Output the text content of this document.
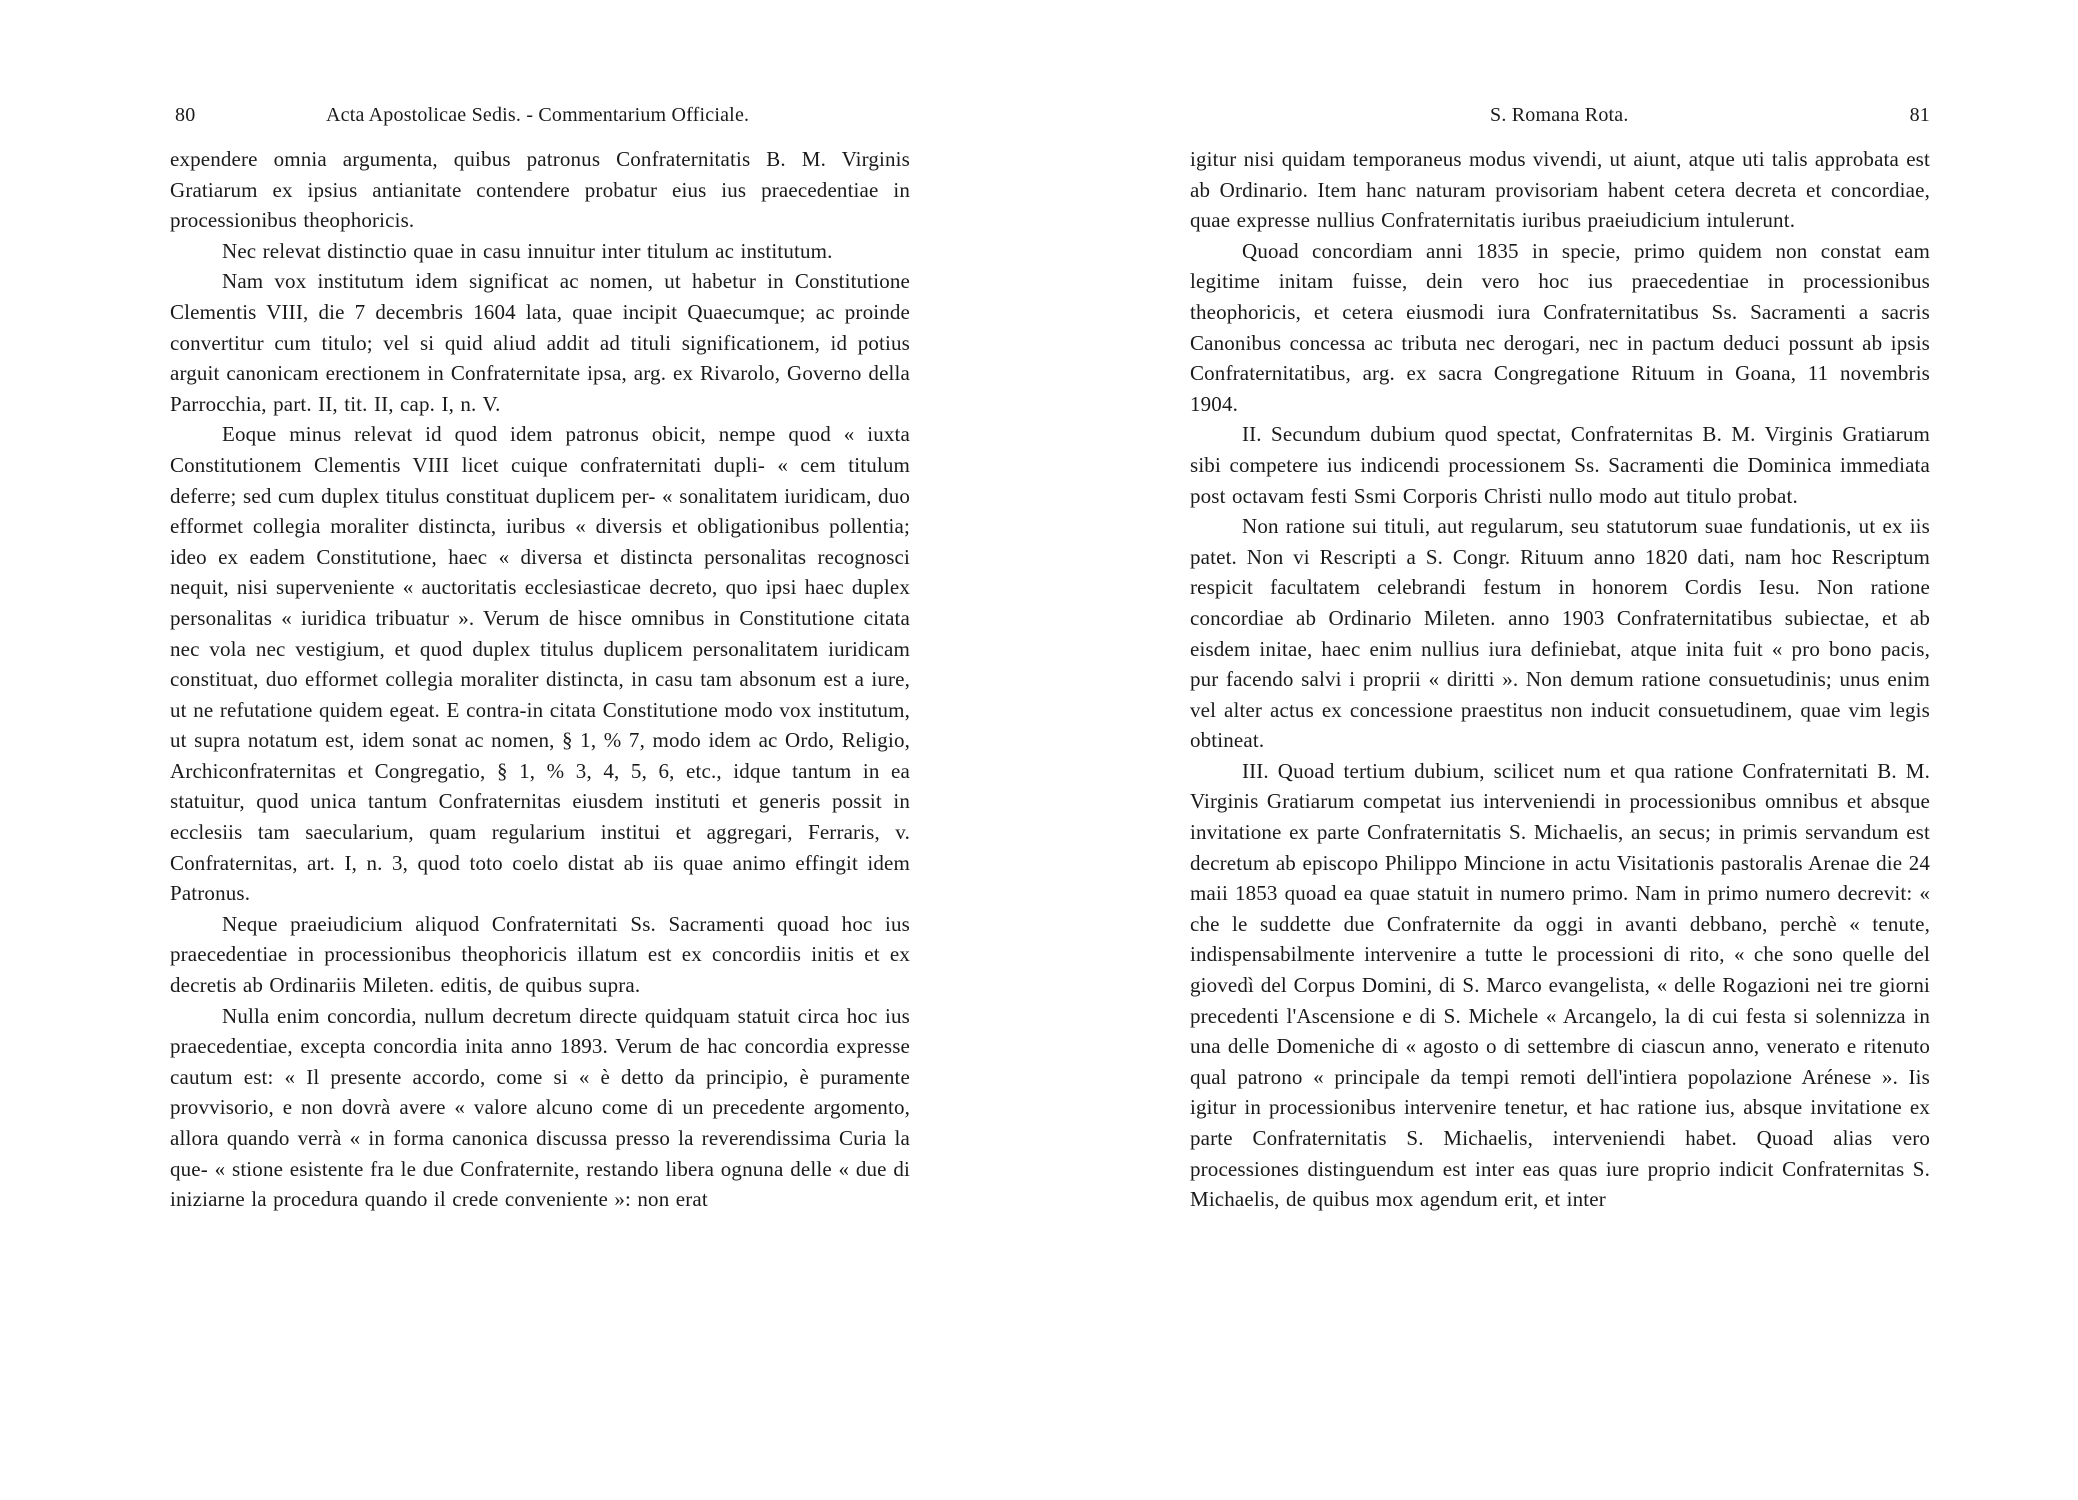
80	Acta Apostolicae Sedis. - Commentarium Officiale.

expendere omnia argumenta, quibus patronus Confraternitatis B. M. Virginis Gratiarum ex ipsius antianitate contendere probatur eius ius praecedentiae in processionibus theophoricis.

Nec relevat distinctio quae in casu innuitur inter titulum ac institutum.

Nam vox institutum idem significat ac nomen, ut habetur in Constitutione Clementis VIII, die 7 decembris 1604 lata, quae incipit Quaecumque; ac proinde convertitur cum titulo; vel si quid aliud addit ad tituli significationem, id potius arguit canonicam erectionem in Confraternitate ipsa, arg. ex Rivarolo, Governo della Parrocchia, part. II, tit. II, cap. I, n. V.

Eoque minus relevat id quod idem patronus obicit, nempe quod « iuxta Constitutionem Clementis VIII licet cuique confraternitati dupli- « cem titulum deferre; sed cum duplex titulus constituat duplicem per- « sonalitatem iuridicam, duo efformet collegia moraliter distincta, iuribus « diversis et obligationibus pollentia; ideo ex eadem Constitutione, haec « diversa et distincta personalitas recognosci nequit, nisi superveniente « auctoritatis ecclesiasticae decreto, quo ipsi haec duplex personalitas « iuridica tribuatur ». Verum de hisce omnibus in Constitutione citata nec vola nec vestigium, et quod duplex titulus duplicem personalitatem iuridicam constituat, duo efformet collegia moraliter distincta, in casu tam absonum est a iure, ut ne refutatione quidem egeat. E contra-in citata Constitutione modo vox institutum, ut supra notatum est, idem sonat ac nomen, § 1, % 7, modo idem ac Ordo, Religio, Archiconfraternitas et Congregatio, § 1, % 3, 4, 5, 6, etc., idque tantum in ea statuitur, quod unica tantum Confraternitas eiusdem instituti et generis possit in ecclesiis tam saecularium, quam regularium institui et aggregari, Ferraris, v. Confraternitas, art. I, n. 3, quod toto coelo distat ab iis quae animo effingit idem Patronus.

Neque praeiudicium aliquod Confraternitati Ss. Sacramenti quoad hoc ius praecedentiae in processionibus theophoricis illatum est ex concordiis initis et ex decretis ab Ordinariis Mileten. editis, de quibus supra.

Nulla enim concordia, nullum decretum directe quidquam statuit circa hoc ius praecedentiae, excepta concordia inita anno 1893. Verum de hac concordia expresse cautum est: « Il presente accordo, come si « è detto da principio, è puramente provvisorio, e non dovrà avere « valore alcuno come di un precedente argomento, allora quando verrà « in forma canonica discussa presso la reverendissima Curia la que- « stione esistente fra le due Confraternite, restando libera ognuna delle « due di iniziarne la procedura quando il crede conveniente »: non erat

S. Romana Rota.	81

igitur nisi quidam temporaneus modus vivendi, ut aiunt, atque uti talis approbata est ab Ordinario. Item hanc naturam provisoriam habent cetera decreta et concordiae, quae expresse nullius Confraternitatis iuribus praeiudicium intulerunt.

Quoad concordiam anni 1835 in specie, primo quidem non constat eam legitime initam fuisse, dein vero hoc ius praecedentiae in processionibus theophoricis, et cetera eiusmodi iura Confraternitatibus Ss. Sacramenti a sacris Canonibus concessa ac tributa nec derogari, nec in pactum deduci possunt ab ipsis Confraternitatibus, arg. ex sacra Congregatione Rituum in Goana, 11 novembris 1904.

II. Secundum dubium quod spectat, Confraternitas B. M. Virginis Gratiarum sibi competere ius indicendi processionem Ss. Sacramenti die Dominica immediata post octavam festi Ssmi Corporis Christi nullo modo aut titulo probat.

Non ratione sui tituli, aut regularum, seu statutorum suae fundationis, ut ex iis patet. Non vi Rescripti a S. Congr. Rituum anno 1820 dati, nam hoc Rescriptum respicit facultatem celebrandi festum in honorem Cordis Iesu. Non ratione concordiae ab Ordinario Mileten. anno 1903 Confraternitatibus subiectae, et ab eisdem initae, haec enim nullius iura definiebat, atque inita fuit « pro bono pacis, pur facendo salvi i proprii « diritti ». Non demum ratione consuetudinis; unus enim vel alter actus ex concessione praestitus non inducit consuetudinem, quae vim legis obtineat.

III. Quoad tertium dubium, scilicet num et qua ratione Confraternitati B. M. Virginis Gratiarum competat ius interveniendi in processionibus omnibus et absque invitatione ex parte Confraternitatis S. Michaelis, an secus; in primis servandum est decretum ab episcopo Philippo Mincione in actu Visitationis pastoralis Arenae die 24 maii 1853 quoad ea quae statuit in numero primo. Nam in primo numero decrevit: « che le suddette due Confraternite da oggi in avanti debbano, perchè « tenute, indispensabilmente intervenire a tutte le processioni di rito, « che sono quelle del giovedì del Corpus Domini, di S. Marco evangelista, « delle Rogazioni nei tre giorni precedenti l'Ascensione e di S. Michele « Arcangelo, la di cui festa si solennizza in una delle Domeniche di « agosto o di settembre di ciascun anno, venerato e ritenuto qual patrono « principale da tempi remoti dell'intiera popolazione Arénese ». Iis igitur in processionibus intervenire tenetur, et hac ratione ius, absque invitatione ex parte Confraternitatis S. Michaelis, interveniendi habet. Quoad alias vero processiones distinguendum est inter eas quas iure proprio indicit Confraternitas S. Michaelis, de quibus mox agendum erit, et inter
